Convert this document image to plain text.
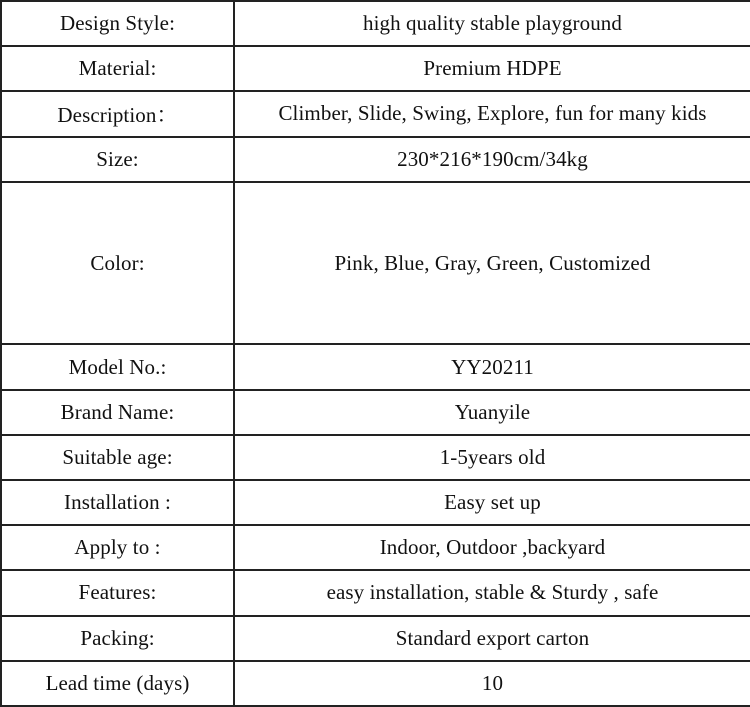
Design Style:	high quality stable playground
Material:	Premium HDPE
Description：	Climber, Slide, Swing, Explore, fun for many kids
Size:	230*216*190cm/34kg
Color:	Pink, Blue, Gray, Green, Customized
Model No.:	YY20211
Brand Name:	Yuanyile
Suitable age:	1-5years old
Installation :	Easy set up
Apply to :	Indoor, Outdoor ,backyard
Features:	easy installation, stable & Sturdy , safe
Packing:	Standard export carton
Lead time (days)	10
